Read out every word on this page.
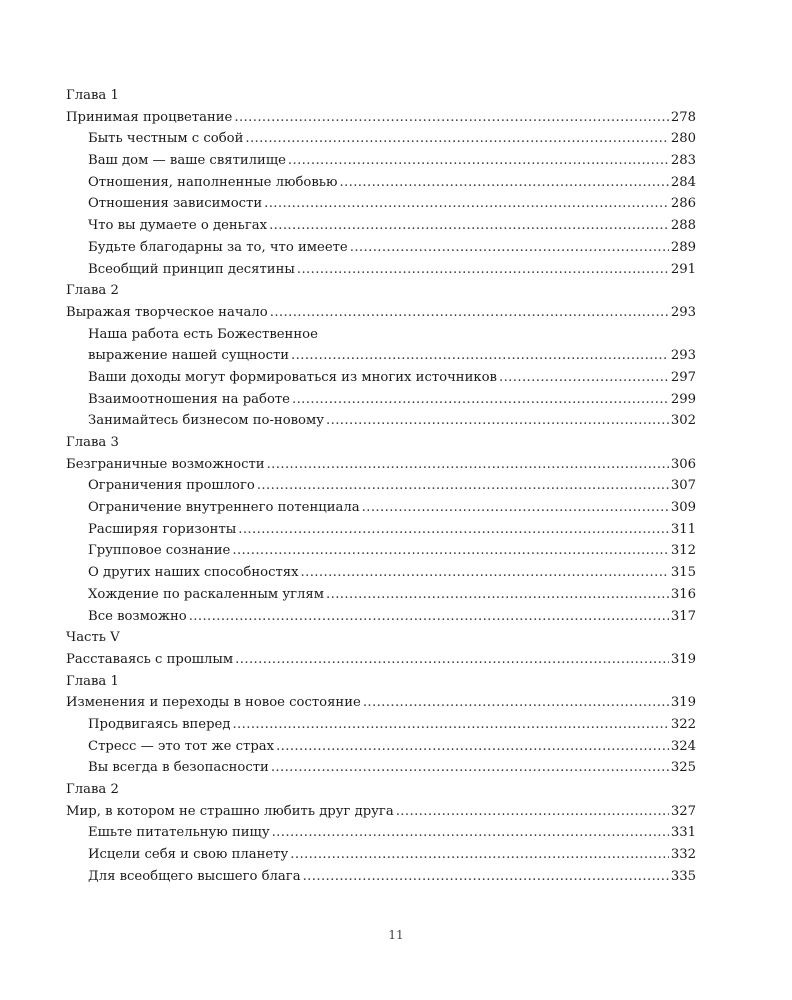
Глава 1
Принимая процветание .....	278
Быть честным с собой .....	280
Ваш дом — ваше святилище .....	283
Отношения, наполненные любовью .....	284
Отношения зависимости .....	286
Что вы думаете о деньгах .....	288
Будьте благодарны за то, что имеете .....	289
Всеобщий принцип десятины .....	291
Глава 2
Выражая творческое начало .....	293
Наша работа есть Божественное
выражение нашей сущности .....	293
Ваши доходы могут формироваться из многих источников .....	297
Взаимоотношения на работе .....	299
Занимайтесь бизнесом по-новому .....	302
Глава 3
Безграничные возможности .....	306
Ограничения прошлого .....	307
Ограничение внутреннего потенциала .....	309
Расширяя горизонты .....	311
Групповое сознание .....	312
О других наших способностях .....	315
Хождение по раскаленным углям .....	316
Все возможно .....	317
Часть V
Расставаясь с прошлым .....	319
Глава 1
Изменения и переходы в новое состояние .....	319
Продвигаясь вперед .....	322
Стресс — это тот же страх .....	324
Вы всегда в безопасности .....	325
Глава 2
Мир, в котором не страшно любить друг друга .....	327
Ешьте питательную пищу .....	331
Исцели себя и свою планету .....	332
Для всеобщего высшего блага .....	335
11
